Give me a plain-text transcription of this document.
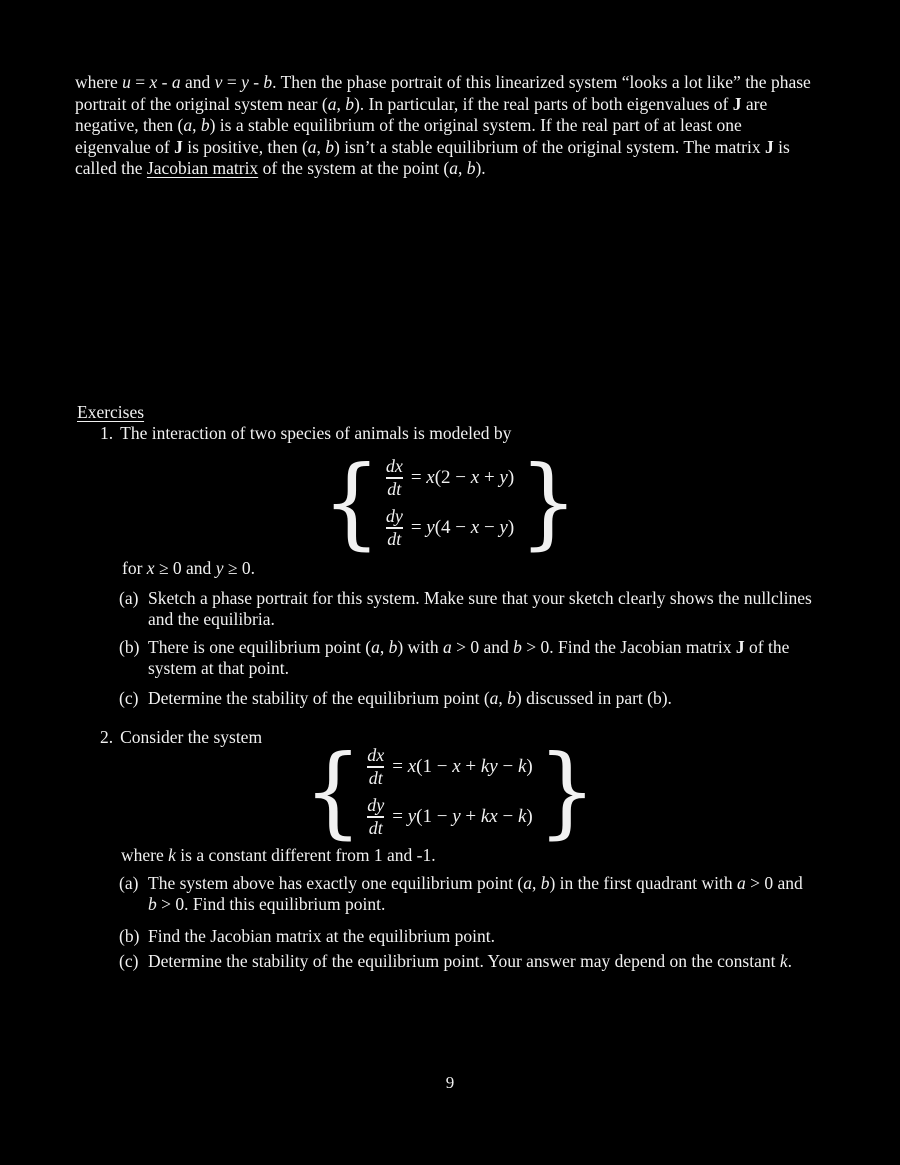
where u = x - a and v = y - b. Then the phase portrait of this linearized system “looks a lot like” the phase
portrait of the original system near (a, b). In particular, if the real parts of both eigenvalues of J are
negative, then (a, b) is a stable equilibrium of the original system. If the real part of at least one
eigenvalue of J is positive, then (a, b) isn’t a stable equilibrium of the original system. The matrix J is
called the Jacobian matrix of the system at the point (a, b).
Exercises
1. The interaction of two species of animals is modeled by
{ $\frac{dx}{dt} = x(2 - x + y)$
$\frac{dy}{dt} = y(4 - x - y)$ }
for x ≥ 0 and y ≥ 0.
(a) Sketch a phase portrait for this system. Make sure that your sketch clearly shows the nullclines
and the equilibria.
(b) There is one equilibrium point (a, b) with a > 0 and b > 0. Find the Jacobian matrix J of the
system at that point.
(c) Determine the stability of the equilibrium point (a, b) discussed in part (b).
2. Consider the system { $\frac{dx}{dt} = x(1 - x$ + ky − k)
$\frac{dy}{dt} = y(1 - y$ + kx − k) }
where k is a constant different from 1 and -1.
(a) The system above has exactly one equilibrium point (a, b) in the first quadrant with a > 0 and
b > 0. Find this equilibrium point.
(b) Find the Jacobian matrix at the equilibrium point.
(c) Determine the stability of the equilibrium point. Your answer may depend on the constant k.
9
